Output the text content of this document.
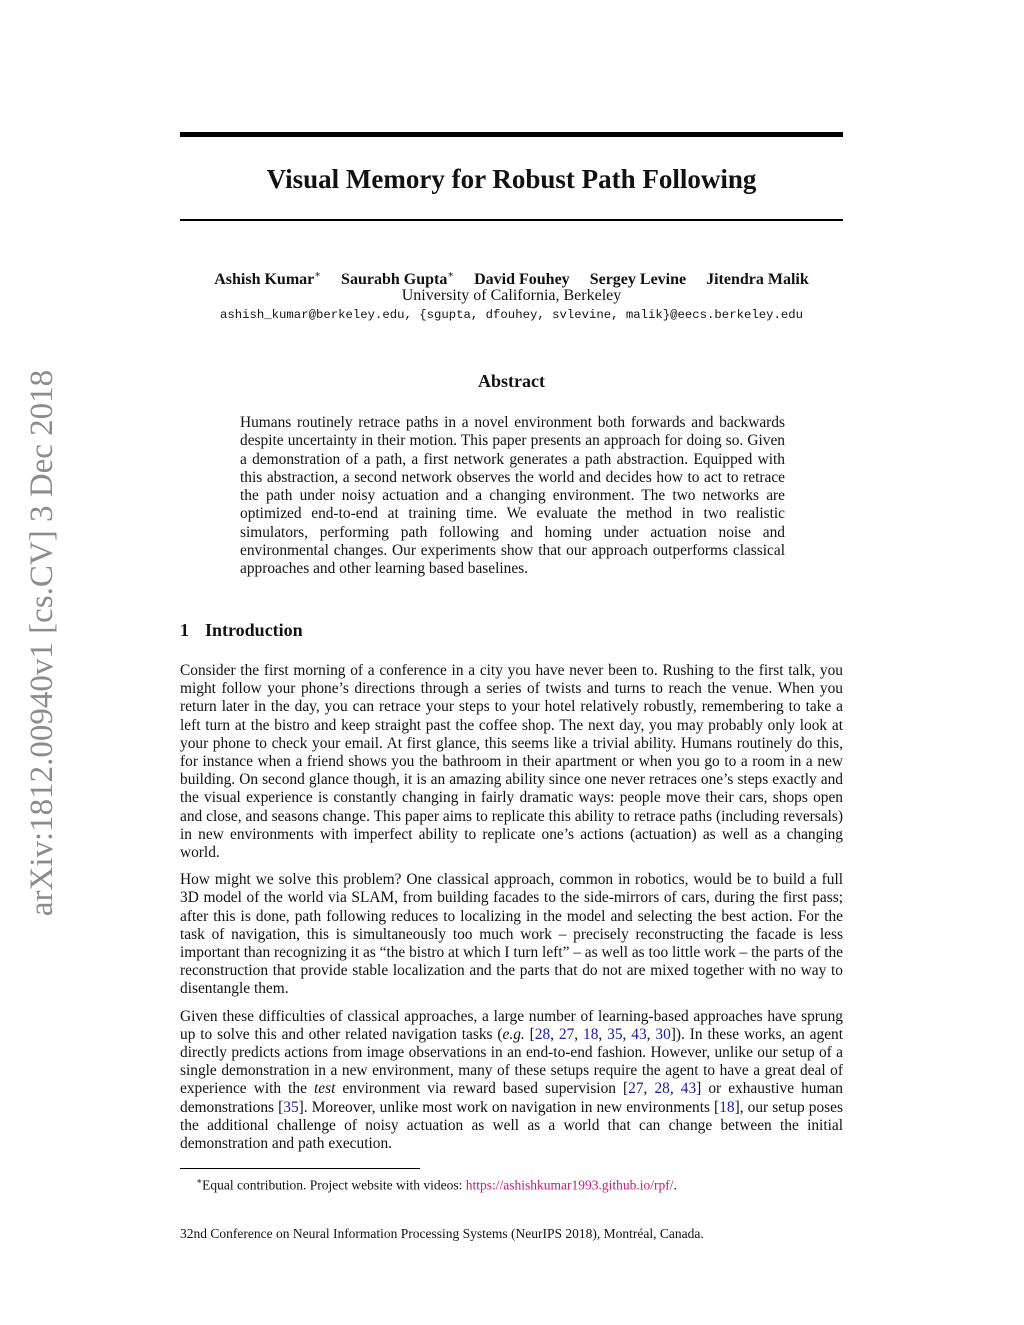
arXiv:1812.00940v1 [cs.CV] 3 Dec 2018
Visual Memory for Robust Path Following
Ashish Kumar∗ Saurabh Gupta∗ David Fouhey Sergey Levine Jitendra Malik
University of California, Berkeley
ashish_kumar@berkeley.edu, {sgupta, dfouhey, svlevine, malik}@eecs.berkeley.edu
Abstract

Humans routinely retrace paths in a novel environment both forwards and backwards despite uncertainty in their motion. This paper presents an approach for doing so. Given a demonstration of a path, a first network generates a path abstraction. Equipped with this abstraction, a second network observes the world and decides how to act to retrace the path under noisy actuation and a changing environment. The two networks are optimized end-to-end at training time. We evaluate the method in two realistic simulators, performing path following and homing under actuation noise and environmental changes. Our experiments show that our approach outperforms classical approaches and other learning based baselines.

1 Introduction

Consider the first morning of a conference in a city you have never been to. Rushing to the first talk, you might follow your phone’s directions through a series of twists and turns to reach the venue. When you return later in the day, you can retrace your steps to your hotel relatively robustly, remembering to take a left turn at the bistro and keep straight past the coffee shop. The next day, you may probably only look at your phone to check your email. At first glance, this seems like a trivial ability. Humans routinely do this, for instance when a friend shows you the bathroom in their apartment or when you go to a room in a new building. On second glance though, it is an amazing ability since one never retraces one’s steps exactly and the visual experience is constantly changing in fairly dramatic ways: people move their cars, shops open and close, and seasons change. This paper aims to replicate this ability to retrace paths (including reversals) in new environments with imperfect ability to replicate one’s actions (actuation) as well as a changing world.

How might we solve this problem? One classical approach, common in robotics, would be to build a full 3D model of the world via SLAM, from building facades to the side-mirrors of cars, during the first pass; after this is done, path following reduces to localizing in the model and selecting the best action. For the task of navigation, this is simultaneously too much work – precisely reconstructing the facade is less important than recognizing it as “the bistro at which I turn left” – as well as too little work – the parts of the reconstruction that provide stable localization and the parts that do not are mixed together with no way to disentangle them.

Given these difficulties of classical approaches, a large number of learning-based approaches have sprung up to solve this and other related navigation tasks (e.g. [28, 27, 18, 35, 43, 30]). In these works, an agent directly predicts actions from image observations in an end-to-end fashion. However, unlike our setup of a single demonstration in a new environment, many of these setups require the agent to have a great deal of experience with the test environment via reward based supervision [27, 28, 43] or exhaustive human demonstrations [35]. Moreover, unlike most work on navigation in new environments [18], our setup poses the additional challenge of noisy actuation as well as a world that can change between the initial demonstration and path execution.

∗Equal contribution. Project website with videos: https://ashishkumar1993.github.io/rpf/.
32nd Conference on Neural Information Processing Systems (NeurIPS 2018), Montréal, Canada.
